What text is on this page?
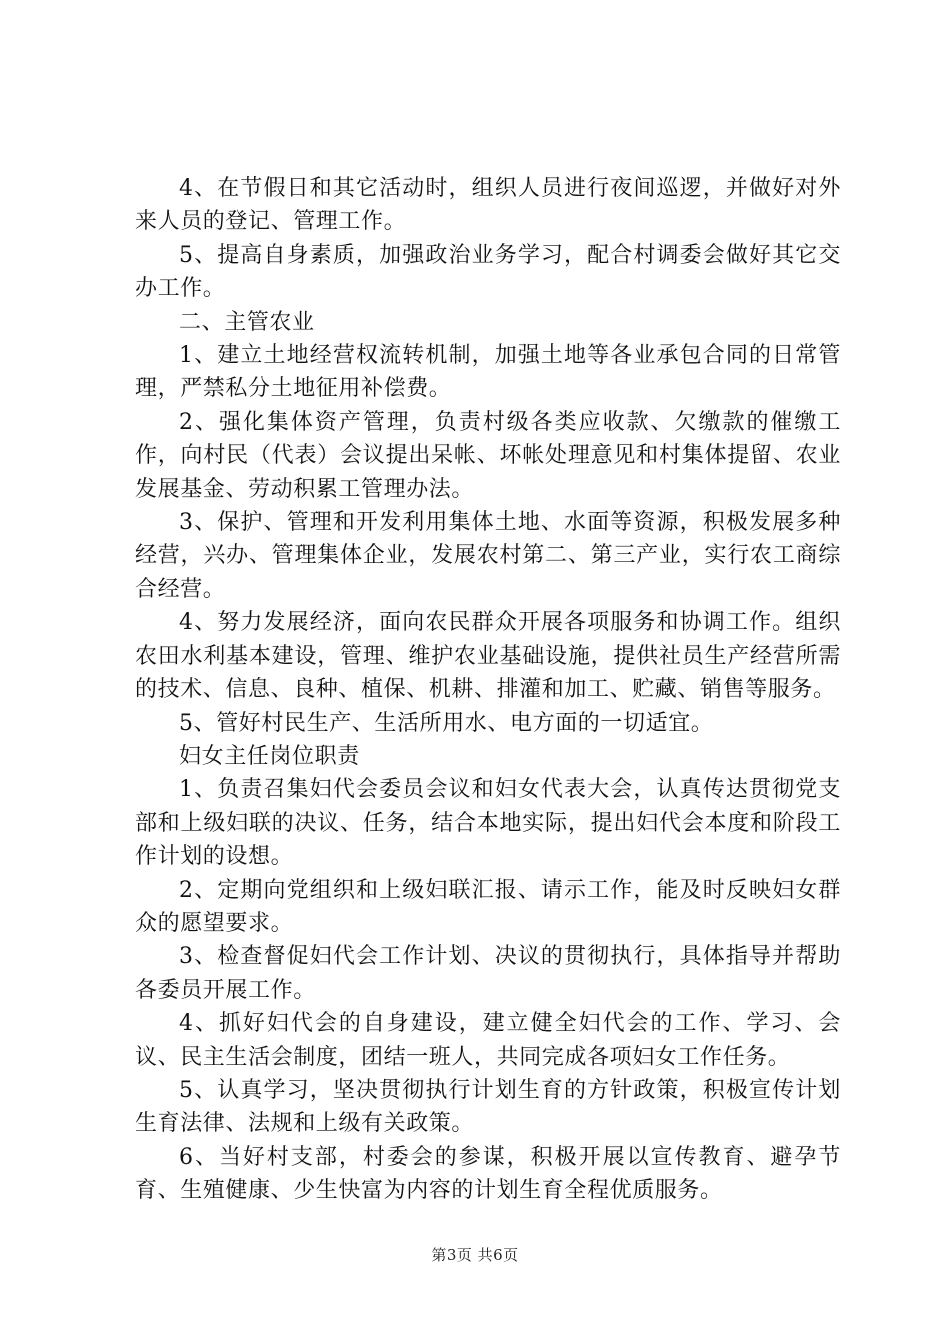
4、在节假日和其它活动时，组织人员进行夜间巡逻，并做好对外来人员的登记、管理工作。

5、提高自身素质，加强政治业务学习，配合村调委会做好其它交办工作。

二、主管农业

1、建立土地经营权流转机制，加强土地等各业承包合同的日常管理，严禁私分土地征用补偿费。

2、强化集体资产管理，负责村级各类应收款、欠缴款的催缴工作，向村民（代表）会议提出呆帐、坏帐处理意见和村集体提留、农业发展基金、劳动积累工管理办法。

3、保护、管理和开发利用集体土地、水面等资源，积极发展多种经营，兴办、管理集体企业，发展农村第二、第三产业，实行农工商综合经营。

4、努力发展经济，面向农民群众开展各项服务和协调工作。组织农田水利基本建设，管理、维护农业基础设施，提供社员生产经营所需的技术、信息、良种、植保、机耕、排灌和加工、贮藏、销售等服务。

5、管好村民生产、生活所用水、电方面的一切适宜。

妇女主任岗位职责

1、负责召集妇代会委员会议和妇女代表大会，认真传达贯彻党支部和上级妇联的决议、任务，结合本地实际，提出妇代会本度和阶段工作计划的设想。

2、定期向党组织和上级妇联汇报、请示工作，能及时反映妇女群众的愿望要求。

3、检查督促妇代会工作计划、决议的贯彻执行，具体指导并帮助各委员开展工作。

4、抓好妇代会的自身建设，建立健全妇代会的工作、学习、会议、民主生活会制度，团结一班人，共同完成各项妇女工作任务。

5、认真学习，坚决贯彻执行计划生育的方针政策，积极宣传计划生育法律、法规和上级有关政策。

6、当好村支部，村委会的参谋，积极开展以宣传教育、避孕节育、生殖健康、少生快富为内容的计划生育全程优质服务。

第3页 共6页
